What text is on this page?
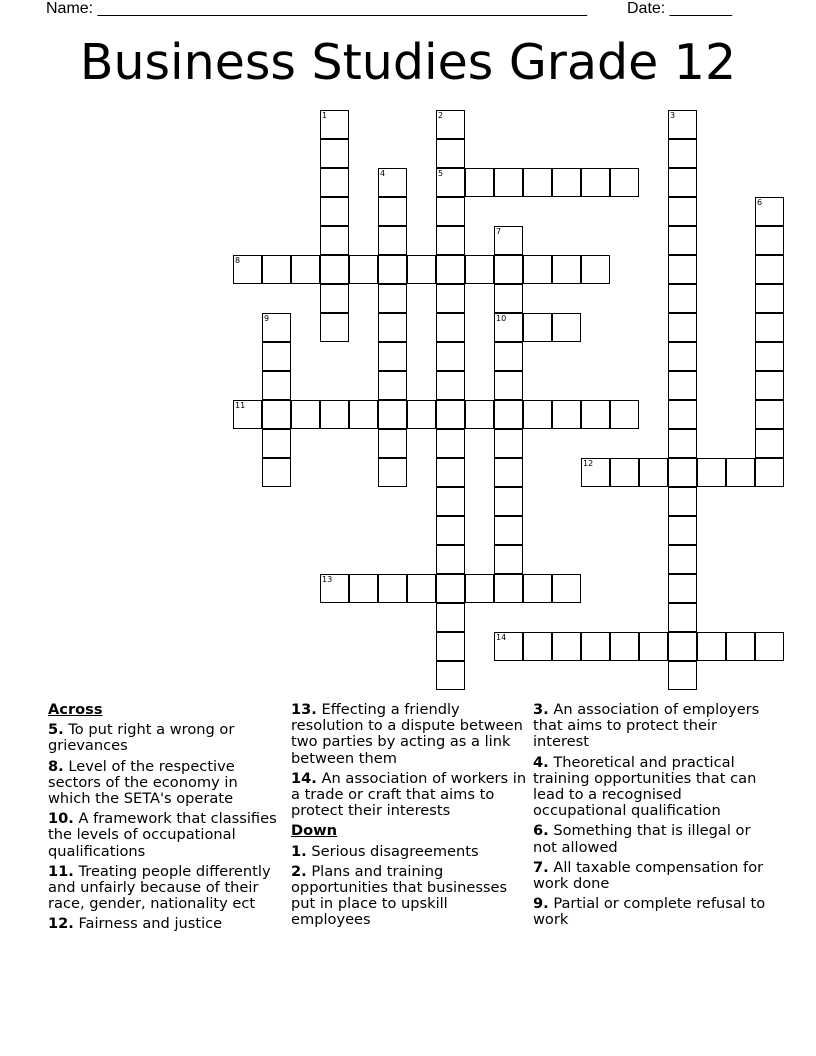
Name: _______________________________________________________	Date: _______
Business Studies Grade 12
1	2
5
3
4
6
7
10
8
9
11
12
13
14
Across
5. To put right a wrong or grievances
8. Level of the respective sectors of the economy in which the SETA's operate
10. A framework that classifies the levels of occupational qualifications
11. Treating people differently and unfairly because of their race, gender, nationality ect
12. Fairness and justice
13. Effecting a friendly resolution to a dispute between two parties by acting as a link between them
14. An association of workers in a trade or craft that aims to protect their interests
Down
1. Serious disagreements
2. Plans and training opportunities that businesses put in place to upskill employees
3. An association of employers that aims to protect their interest
4. Theoretical and practical training opportunities that can lead to a recognised occupational qualification
6. Something that is illegal or not allowed
7. All taxable compensation for work done
9. Partial or complete refusal to work
